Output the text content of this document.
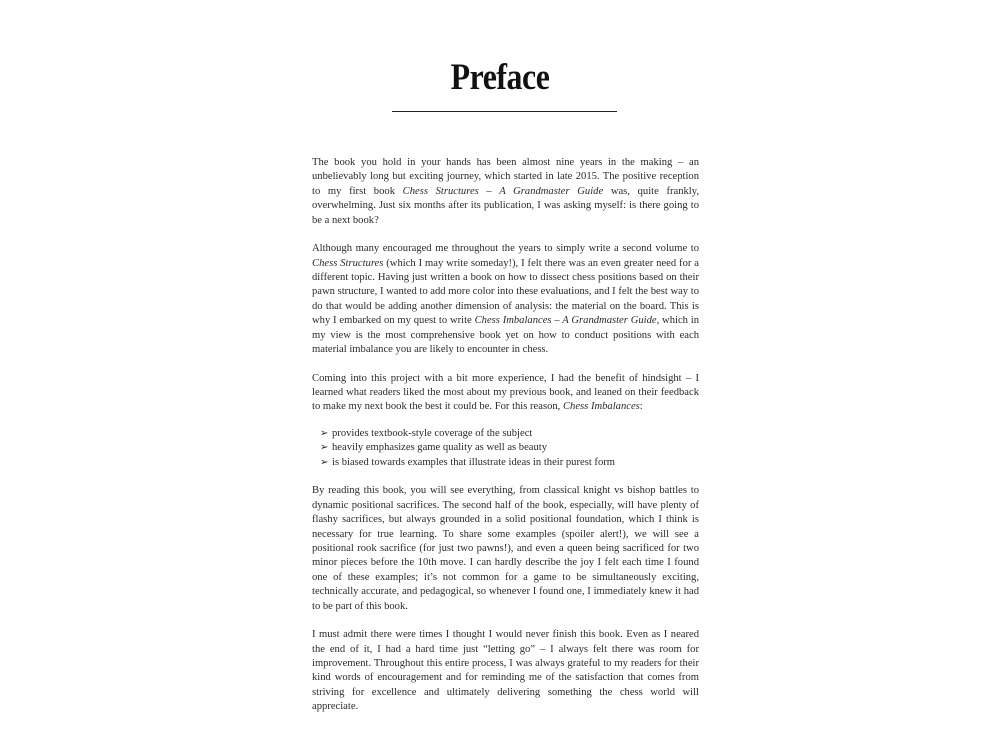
Preface

The book you hold in your hands has been almost nine years in the making – an unbelievably long but exciting journey, which started in late 2015. The positive reception to my first book Chess Structures – A Grandmaster Guide was, quite frankly, overwhelming. Just six months after its publication, I was asking myself: is there going to be a next book?

Although many encouraged me throughout the years to simply write a second volume to Chess Structures (which I may write someday!), I felt there was an even greater need for a different topic. Having just written a book on how to dissect chess positions based on their pawn structure, I wanted to add more color into these evaluations, and I felt the best way to do that would be adding another dimension of analysis: the material on the board. This is why I embarked on my quest to write Chess Imbalances – A Grandmaster Guide, which in my view is the most comprehensive book yet on how to conduct positions with each material imbalance you are likely to encounter in chess.

Coming into this project with a bit more experience, I had the benefit of hindsight – I learned what readers liked the most about my previous book, and leaned on their feedback to make my next book the best it could be. For this reason, Chess Imbalances:

➢ provides textbook-style coverage of the subject
➢ heavily emphasizes game quality as well as beauty
➢ is biased towards examples that illustrate ideas in their purest form

By reading this book, you will see everything, from classical knight vs bishop battles to dynamic positional sacrifices. The second half of the book, especially, will have plenty of flashy sacrifices, but always grounded in a solid positional foundation, which I think is necessary for true learning. To share some examples (spoiler alert!), we will see a positional rook sacrifice (for just two pawns!), and even a queen being sacrificed for two minor pieces before the 10th move. I can hardly describe the joy I felt each time I found one of these examples; it’s not common for a game to be simultaneously exciting, technically accurate, and pedagogical, so whenever I found one, I immediately knew it had to be part of this book.

I must admit there were times I thought I would never finish this book. Even as I neared the end of it, I had a hard time just “letting go” – I always felt there was room for improvement. Throughout this entire process, I was always grateful to my readers for their kind words of encouragement and for reminding me of the satisfaction that comes from striving for excellence and ultimately delivering something the chess world will appreciate.
